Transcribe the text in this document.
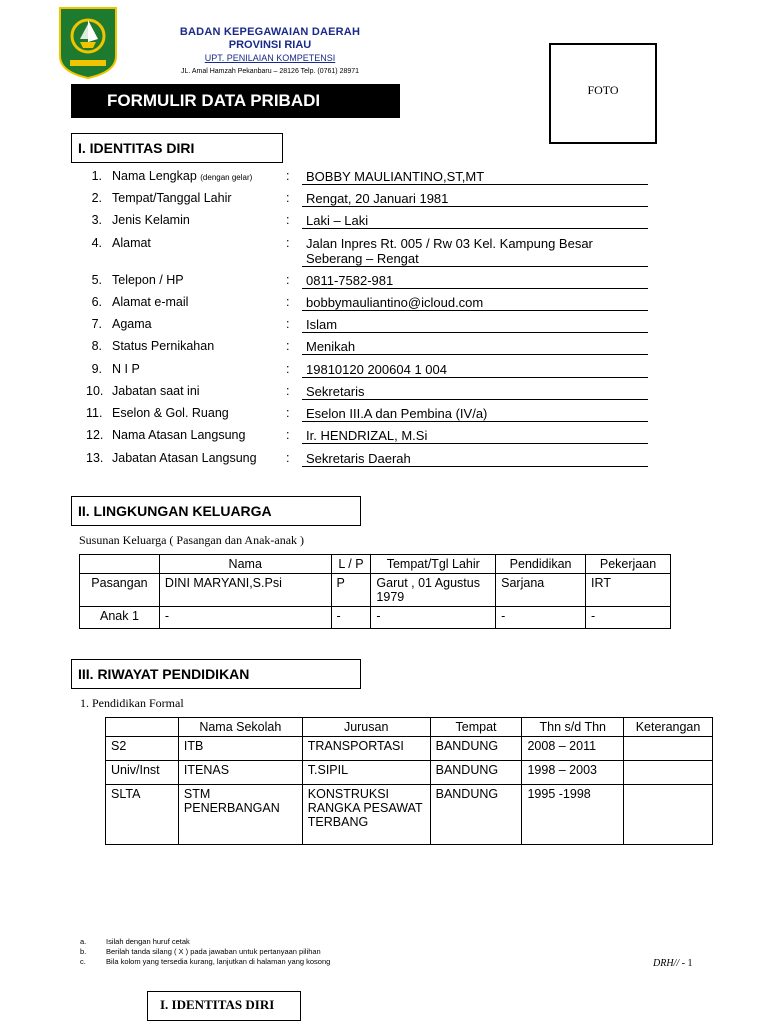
BADAN KEPEGAWAIAN DAERAH
PROVINSI RIAU
UPT. PENILAIAN KOMPETENSI
JL. Amal Hamzah Pekanbaru – 28126 Telp. (0761) 28971
FOTO
FORMULIR DATA PRIBADI
I. IDENTITAS DIRI
1. Nama Lengkap (dengan gelar)	:	BOBBY MAULIANTINO,ST,MT
2. Tempat/Tanggal Lahir	:	Rengat, 20 Januari 1981
3. Jenis Kelamin	:	Laki – Laki
4. Alamat	:	Jalan Inpres Rt. 005 / Rw 03 Kel. Kampung Besar
Seberang – Rengat
5. Telepon / HP	:	0811-7582-981
6. Alamat e-mail	:	bobbymauliantino@icloud.com
7. Agama	:	Islam
8. Status Pernikahan	:	Menikah
9. N I P	:	19810120 200604 1 004
10. Jabatan saat ini	:	Sekretaris
11. Eselon & Gol. Ruang	:	Eselon III.A dan Pembina (IV/a)
12. Nama Atasan Langsung	:	Ir. HENDRIZAL, M.Si
13. Jabatan Atasan Langsung :	Sekretaris Daerah
II. LINGKUNGAN KELUARGA
Susunan Keluarga ( Pasangan dan Anak-anak )
	Nama	L / P	Tempat/Tgl Lahir	Pendidikan	Pekerjaan
Pasangan	DINI MARYANI,S.Psi	P	Garut , 01 Agustus 1979	Sarjana	IRT
Anak 1	-	-	-	-	-
III. RIWAYAT PENDIDIKAN
1. Pendidikan Formal
	Nama Sekolah	Jurusan	Tempat	Thn s/d Thn	Keterangan
S2	ITB	TRANSPORTASI	BANDUNG	2008 – 2011	
Univ/Inst	ITENAS	T.SIPIL	BANDUNG	1998 – 2003	
SLTA	STM PENERBANGAN	KONSTRUKSI RANGKA PESAWAT TERBANG	BANDUNG	1995 -1998	
a.	Isilah dengan huruf cetak
b.	Berilah tanda silang ( X ) pada jawaban untuk pertanyaan pilihan
c.	Bila kolom yang tersedia kurang, lanjutkan di halaman yang kosong	DRH// - 1
I. IDENTITAS DIRI
